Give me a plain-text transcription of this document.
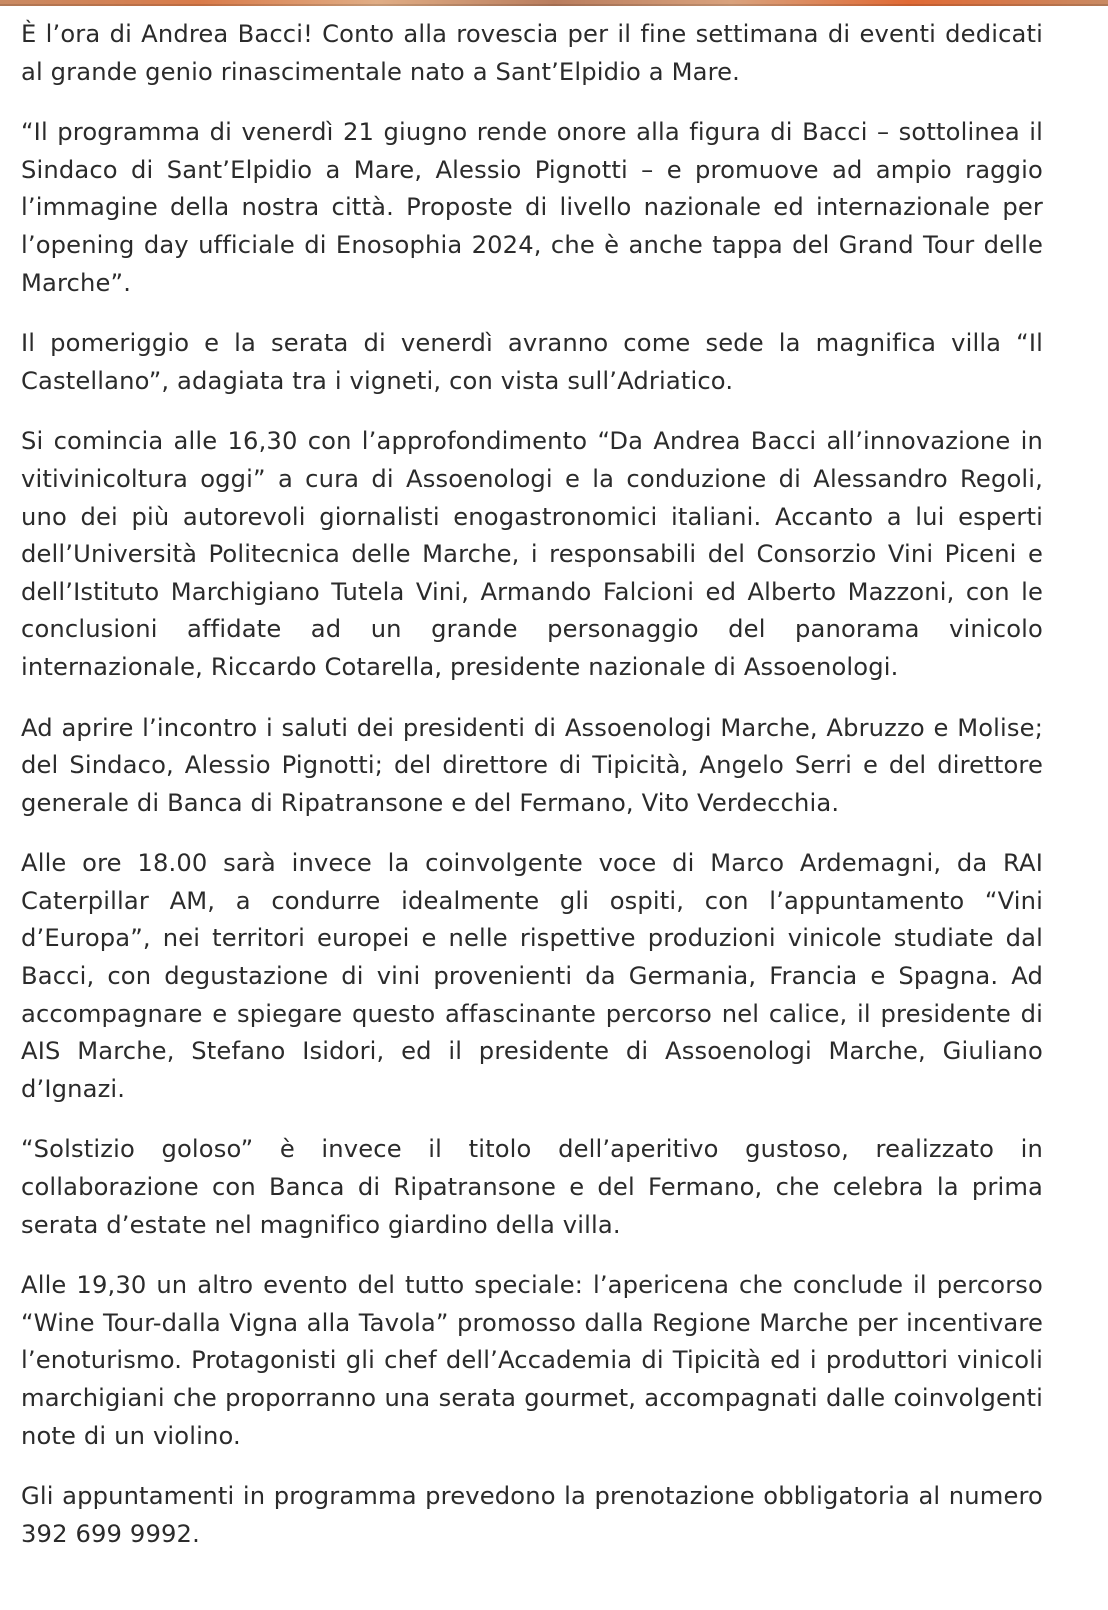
È l’ora di Andrea Bacci! Conto alla rovescia per il fine settimana di eventi dedicati al grande genio rinascimentale nato a Sant’Elpidio a Mare.

“Il programma di venerdì 21 giugno rende onore alla figura di Bacci – sottolinea il Sindaco di Sant’Elpidio a Mare, Alessio Pignotti – e promuove ad ampio raggio l’immagine della nostra città. Proposte di livello nazionale ed internazionale per l’opening day ufficiale di Enosophia 2024, che è anche tappa del Grand Tour delle Marche”.

Il pomeriggio e la serata di venerdì avranno come sede la magnifica villa “Il Castellano”, adagiata tra i vigneti, con vista sull’Adriatico.

Si comincia alle 16,30 con l’approfondimento “Da Andrea Bacci all’innovazione in vitivinicoltura oggi” a cura di Assoenologi e la conduzione di Alessandro Regoli, uno dei più autorevoli giornalisti enogastronomici italiani. Accanto a lui esperti dell’Università Politecnica delle Marche, i responsabili del Consorzio Vini Piceni e dell’Istituto Marchigiano Tutela Vini, Armando Falcioni ed Alberto Mazzoni, con le conclusioni affidate ad un grande personaggio del panorama vinicolo internazionale, Riccardo Cotarella, presidente nazionale di Assoenologi.

Ad aprire l’incontro i saluti dei presidenti di Assoenologi Marche, Abruzzo e Molise; del Sindaco, Alessio Pignotti; del direttore di Tipicità, Angelo Serri e del direttore generale di Banca di Ripatransone e del Fermano, Vito Verdecchia.

Alle ore 18.00 sarà invece la coinvolgente voce di Marco Ardemagni, da RAI Caterpillar AM, a condurre idealmente gli ospiti, con l’appuntamento “Vini d’Europa”, nei territori europei e nelle rispettive produzioni vinicole studiate dal Bacci, con degustazione di vini provenienti da Germania, Francia e Spagna. Ad accompagnare e spiegare questo affascinante percorso nel calice, il presidente di AIS Marche, Stefano Isidori, ed il presidente di Assoenologi Marche, Giuliano d’Ignazi.

“Solstizio goloso” è invece il titolo dell’aperitivo gustoso, realizzato in collaborazione con Banca di Ripatransone e del Fermano, che celebra la prima serata d’estate nel magnifico giardino della villa.

Alle 19,30 un altro evento del tutto speciale: l’apericena che conclude il percorso “Wine Tour-dalla Vigna alla Tavola” promosso dalla Regione Marche per incentivare l’enoturismo. Protagonisti gli chef dell’Accademia di Tipicità ed i produttori vinicoli marchigiani che proporranno una serata gourmet, accompagnati dalle coinvolgenti note di un violino.

Gli appuntamenti in programma prevedono la prenotazione obbligatoria al numero 392 699 9992.
